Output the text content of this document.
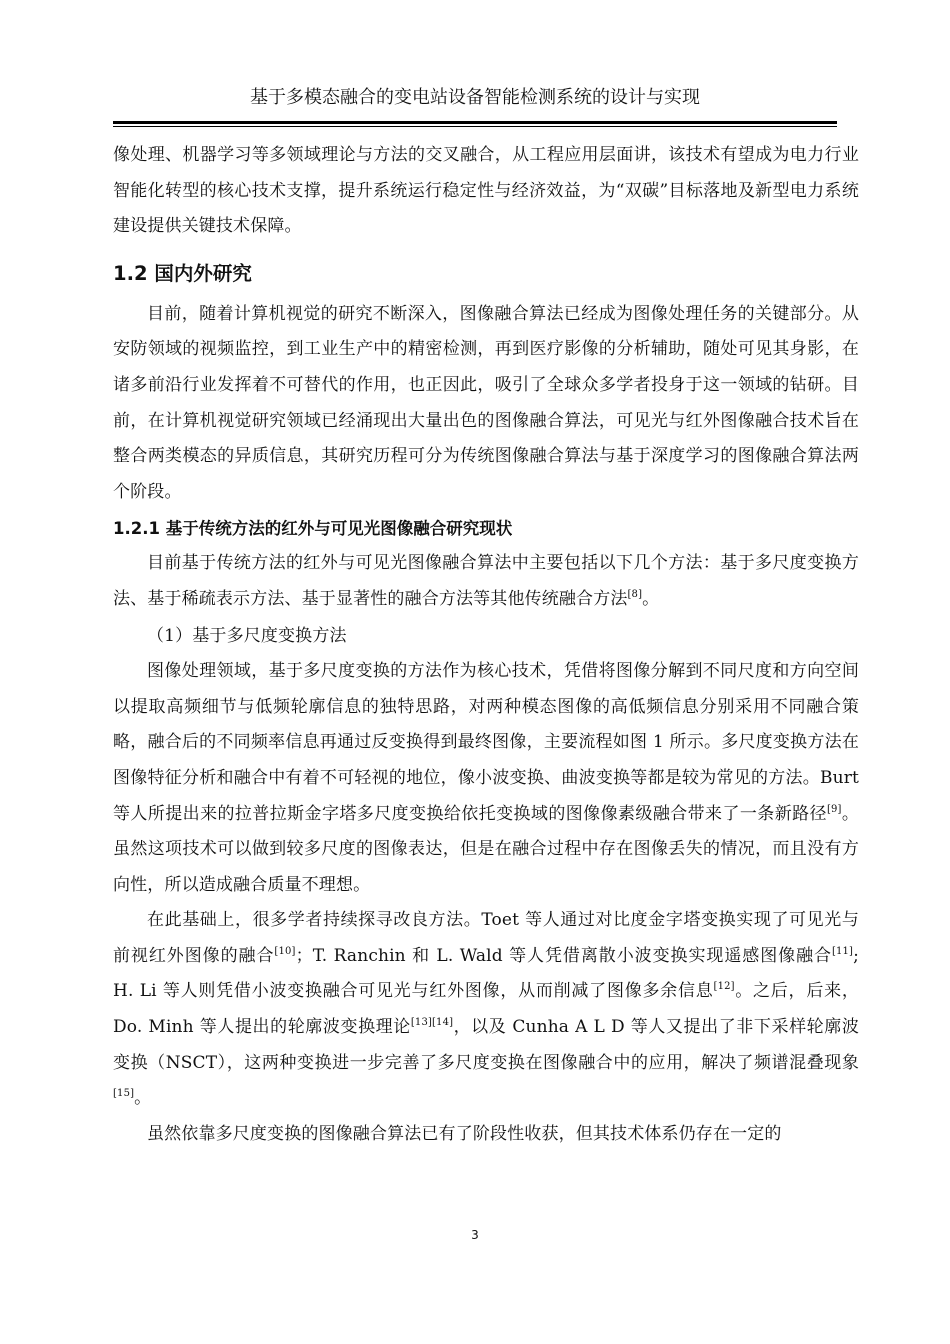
基于多模态融合的变电站设备智能检测系统的设计与实现

像处理、机器学习等多领域理论与方法的交叉融合，从工程应用层面讲，该技术有望成为电力行业智能化转型的核心技术支撑，提升系统运行稳定性与经济效益，为“双碳”目标落地及新型电力系统建设提供关键技术保障。

1.2 国内外研究

目前，随着计算机视觉的研究不断深入，图像融合算法已经成为图像处理任务的关键部分。从安防领域的视频监控，到工业生产中的精密检测，再到医疗影像的分析辅助，随处可见其身影，在诸多前沿行业发挥着不可替代的作用，也正因此，吸引了全球众多学者投身于这一领域的钻研。目前，在计算机视觉研究领域已经涌现出大量出色的图像融合算法，可见光与红外图像融合技术旨在整合两类模态的异质信息，其研究历程可分为传统图像融合算法与基于深度学习的图像融合算法两个阶段。

1.2.1 基于传统方法的红外与可见光图像融合研究现状

目前基于传统方法的红外与可见光图像融合算法中主要包括以下几个方法：基于多尺度变换方法、基于稀疏表示方法、基于显著性的融合方法等其他传统融合方法[8]。

（1）基于多尺度变换方法

图像处理领域，基于多尺度变换的方法作为核心技术，凭借将图像分解到不同尺度和方向空间以提取高频细节与低频轮廓信息的独特思路，对两种模态图像的高低频信息分别采用不同融合策略，融合后的不同频率信息再通过反变换得到最终图像，主要流程如图 1 所示。多尺度变换方法在图像特征分析和融合中有着不可轻视的地位，像小波变换、曲波变换等都是较为常见的方法。Burt 等人所提出来的拉普拉斯金字塔多尺度变换给依托变换域的图像像素级融合带来了一条新路径[9]。虽然这项技术可以做到较多尺度的图像表达，但是在融合过程中存在图像丢失的情况，而且没有方向性，所以造成融合质量不理想。

在此基础上，很多学者持续探寻改良方法。Toet 等人通过对比度金字塔变换实现了可见光与前视红外图像的融合[10]；T. Ranchin 和 L. Wald 等人凭借离散小波变换实现遥感图像融合[11]; H. Li 等人则凭借小波变换融合可见光与红外图像，从而削减了图像多余信息[12]。之后，后来，Do. Minh 等人提出的轮廓波变换理论[13][14]，以及 Cunha A L D 等人又提出了非下采样轮廓波变换（NSCT），这两种变换进一步完善了多尺度变换在图像融合中的应用，解决了频谱混叠现象[15]。

虽然依靠多尺度变换的图像融合算法已有了阶段性收获，但其技术体系仍存在一定的

3
